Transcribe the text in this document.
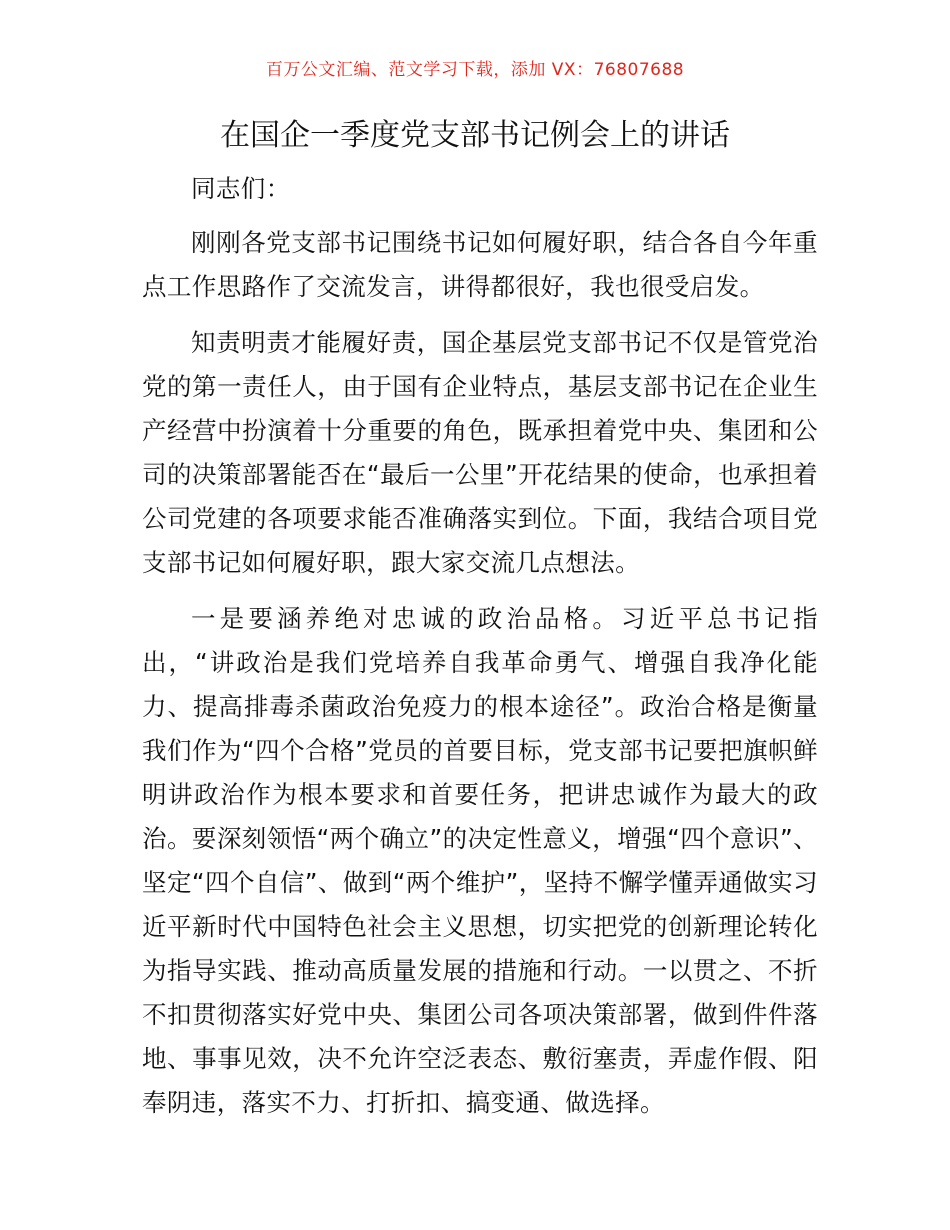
百万公文汇编、范文学习下载，添加 VX：76807688
在国企一季度党支部书记例会上的讲话

同志们：

刚刚各党支部书记围绕书记如何履好职，结合各自今年重点工作思路作了交流发言，讲得都很好，我也很受启发。

知责明责才能履好责，国企基层党支部书记不仅是管党治党的第一责任人，由于国有企业特点，基层支部书记在企业生产经营中扮演着十分重要的角色，既承担着党中央、集团和公司的决策部署能否在“最后一公里”开花结果的使命，也承担着公司党建的各项要求能否准确落实到位。下面，我结合项目党支部书记如何履好职，跟大家交流几点想法。

一是要涵养绝对忠诚的政治品格。习近平总书记指出，“讲政治是我们党培养自我革命勇气、增强自我净化能力、提高排毒杀菌政治免疫力的根本途径”。政治合格是衡量我们作为“四个合格”党员的首要目标，党支部书记要把旗帜鲜明讲政治作为根本要求和首要任务，把讲忠诚作为最大的政治。要深刻领悟“两个确立”的决定性意义，增强“四个意识”、坚定“四个自信”、做到“两个维护”，坚持不懈学懂弄通做实习近平新时代中国特色社会主义思想，切实把党的创新理论转化为指导实践、推动高质量发展的措施和行动。一以贯之、不折不扣贯彻落实好党中央、集团公司各项决策部署，做到件件落地、事事见效，决不允许空泛表态、敷衍塞责，弄虚作假、阳奉阴违，落实不力、打折扣、搞变通、做选择。
